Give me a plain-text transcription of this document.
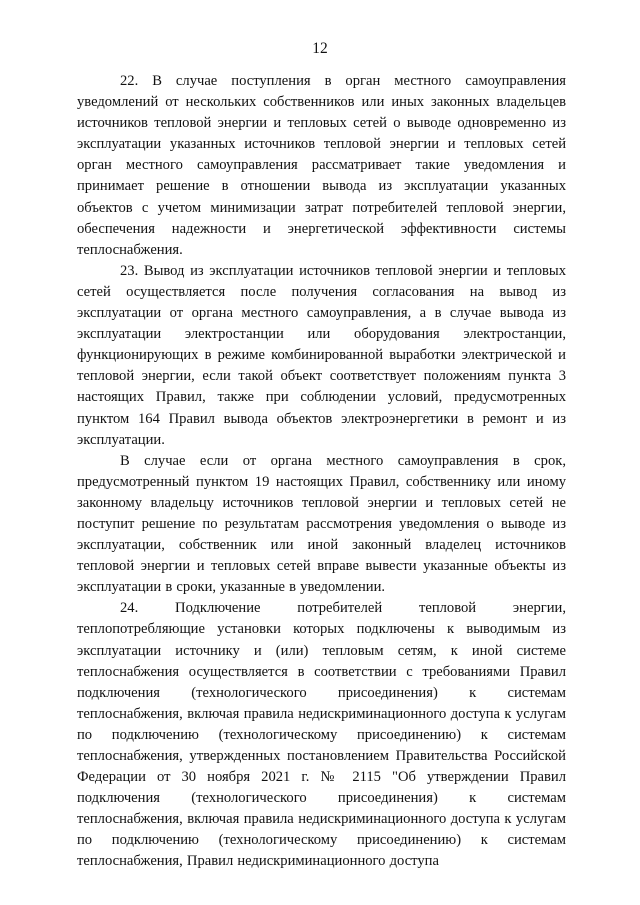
12

22. В случае поступления в орган местного самоуправления уведомлений от нескольких собственников или иных законных владельцев источников тепловой энергии и тепловых сетей о выводе одновременно из эксплуатации указанных источников тепловой энергии и тепловых сетей орган местного самоуправления рассматривает такие уведомления и принимает решение в отношении вывода из эксплуатации указанных объектов с учетом минимизации затрат потребителей тепловой энергии, обеспечения надежности и энергетической эффективности системы теплоснабжения.

23. Вывод из эксплуатации источников тепловой энергии и тепловых сетей осуществляется после получения согласования на вывод из эксплуатации от органа местного самоуправления, а в случае вывода из эксплуатации электростанции или оборудования электростанции, функционирующих в режиме комбинированной выработки электрической и тепловой энергии, если такой объект соответствует положениям пункта 3 настоящих Правил, также при соблюдении условий, предусмотренных пунктом 164 Правил вывода объектов электроэнергетики в ремонт и из эксплуатации.

В случае если от органа местного самоуправления в срок, предусмотренный пунктом 19 настоящих Правил, собственнику или иному законному владельцу источников тепловой энергии и тепловых сетей не поступит решение по результатам рассмотрения уведомления о выводе из эксплуатации, собственник или иной законный владелец источников тепловой энергии и тепловых сетей вправе вывести указанные объекты из эксплуатации в сроки, указанные в уведомлении.

24. Подключение потребителей тепловой энергии, теплопотребляющие установки которых подключены к выводимым из эксплуатации источнику и (или) тепловым сетям, к иной системе теплоснабжения осуществляется в соответствии с требованиями Правил подключения (технологического присоединения) к системам теплоснабжения, включая правила недискриминационного доступа к услугам по подключению (технологическому присоединению) к системам теплоснабжения, утвержденных постановлением Правительства Российской Федерации от 30 ноября 2021 г. № 2115 "Об утверждении Правил подключения (технологического присоединения) к системам теплоснабжения, включая правила недискриминационного доступа к услугам по подключению (технологическому присоединению) к системам теплоснабжения, Правил недискриминационного доступа
